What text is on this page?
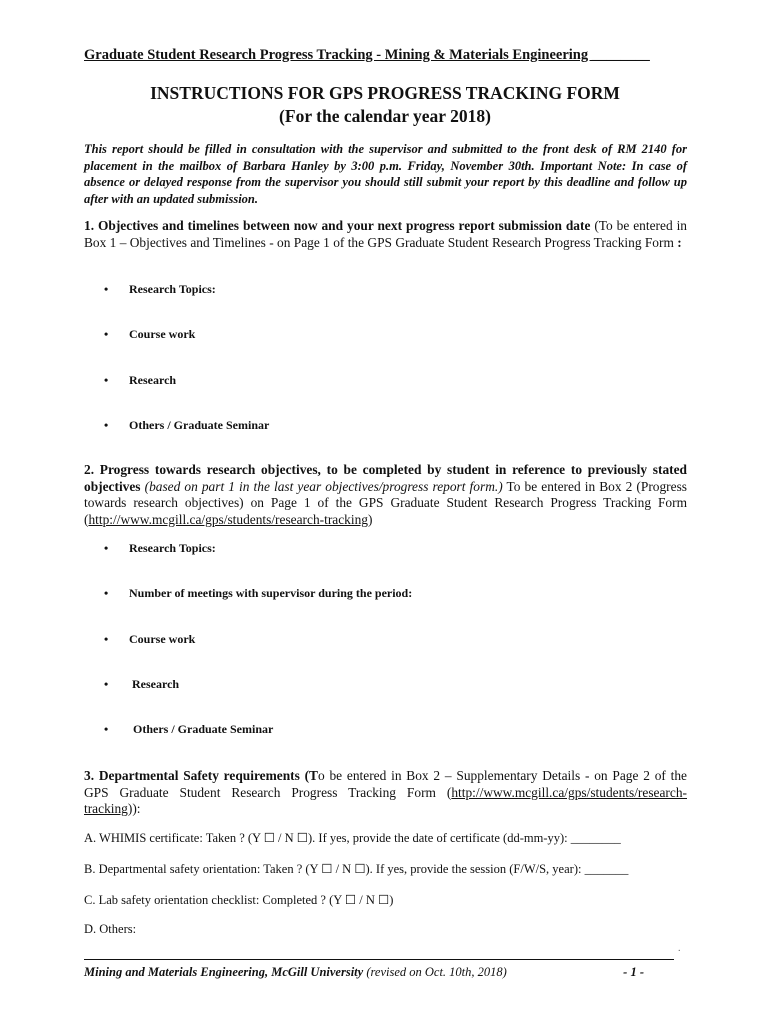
Graduate Student Research Progress Tracking - Mining & Materials Engineering ________
INSTRUCTIONS FOR GPS PROGRESS TRACKING FORM
(For the calendar year 2018)
This report should be filled in consultation with the supervisor and submitted to the front desk of RM 2140 for placement in the mailbox of Barbara Hanley by 3:00 p.m. Friday, November 30th. Important Note: In case of absence or delayed response from the supervisor you should still submit your report by this deadline and follow up after with an updated submission.
1. Objectives and timelines between now and your next progress report submission date (To be entered in Box 1 – Objectives and Timelines - on Page 1 of the GPS Graduate Student Research Progress Tracking Form :
•	Research Topics:
•	Course work
•	Research
•	Others / Graduate Seminar
2. Progress towards research objectives, to be completed by student in reference to previously stated objectives (based on part 1 in the last year objectives/progress report form.) To be entered in Box 2 (Progress towards research objectives) on Page 1 of the GPS Graduate Student Research Progress Tracking Form (http://www.mcgill.ca/gps/students/research-tracking)
•	Research Topics:
•	Number of meetings with supervisor during the period:
•	Course work
•	Research
•	Others / Graduate Seminar
3. Departmental Safety requirements (To be entered in Box 2 – Supplementary Details - on Page 2 of the GPS Graduate Student Research Progress Tracking Form (http://www.mcgill.ca/gps/students/research-tracking)):
A. WHIMIS certificate: Taken ? (Y ☐ / N ☐). If yes, provide the date of certificate (dd-mm-yy): ________
B. Departmental safety orientation: Taken ? (Y ☐ / N ☐). If yes, provide the session (F/W/S, year): _______
C. Lab safety orientation checklist: Completed ? (Y ☐ / N ☐)
D. Others:
.
Mining and Materials Engineering, McGill University (revised on Oct. 10th, 2018)	- 1 -
